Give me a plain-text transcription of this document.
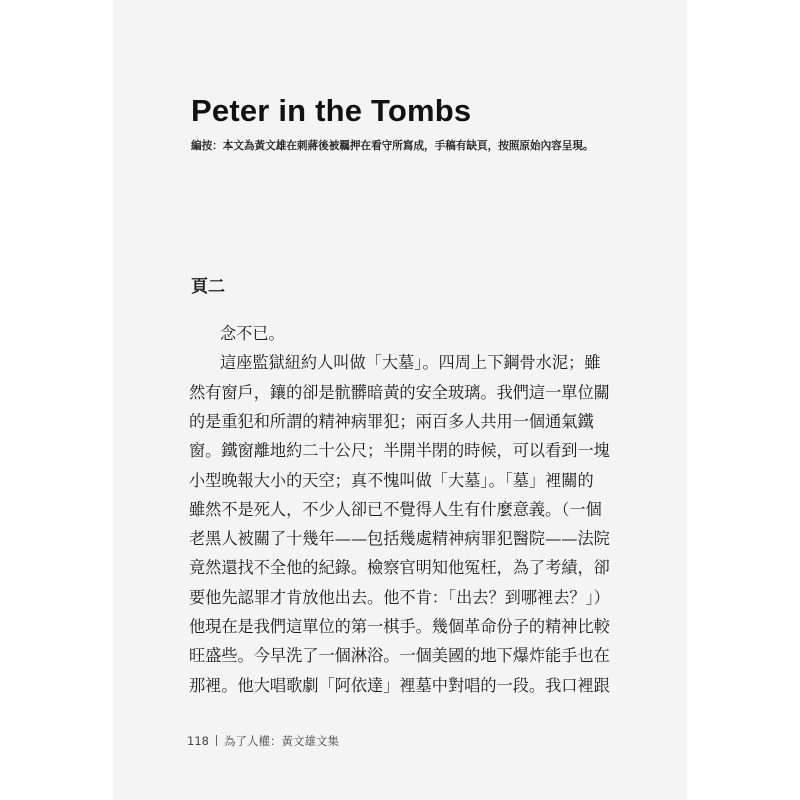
Peter in the Tombs
編按：本文為黃文雄在刺蔣後被羈押在看守所寫成，手稿有缺頁，按照原始內容呈現。
頁二
念不已。
這座監獄紐約人叫做「大墓」。四周上下鋼骨水泥；雖
然有窗戶，鑲的卻是骯髒暗黃的安全玻璃。我們這一單位關
的是重犯和所謂的精神病罪犯；兩百多人共用一個通氣鐵
窗。鐵窗離地約二十公尺；半開半閉的時候，可以看到一塊
小型晚報大小的天空；真不愧叫做「大墓」。「墓」裡關的
雖然不是死人，不少人卻已不覺得人生有什麼意義。（一個
老黑人被關了十幾年——包括幾處精神病罪犯醫院——法院
竟然還找不全他的紀錄。檢察官明知他冤枉，為了考績，卻
要他先認罪才肯放他出去。他不肯：「出去？到哪裡去？」）
他現在是我們這單位的第一棋手。幾個革命份子的精神比較
旺盛些。今早洗了一個淋浴。一個美國的地下爆炸能手也在
那裡。他大唱歌劇「阿依達」裡墓中對唱的一段。我口裡跟
118 為了人權：黃文雄文集
